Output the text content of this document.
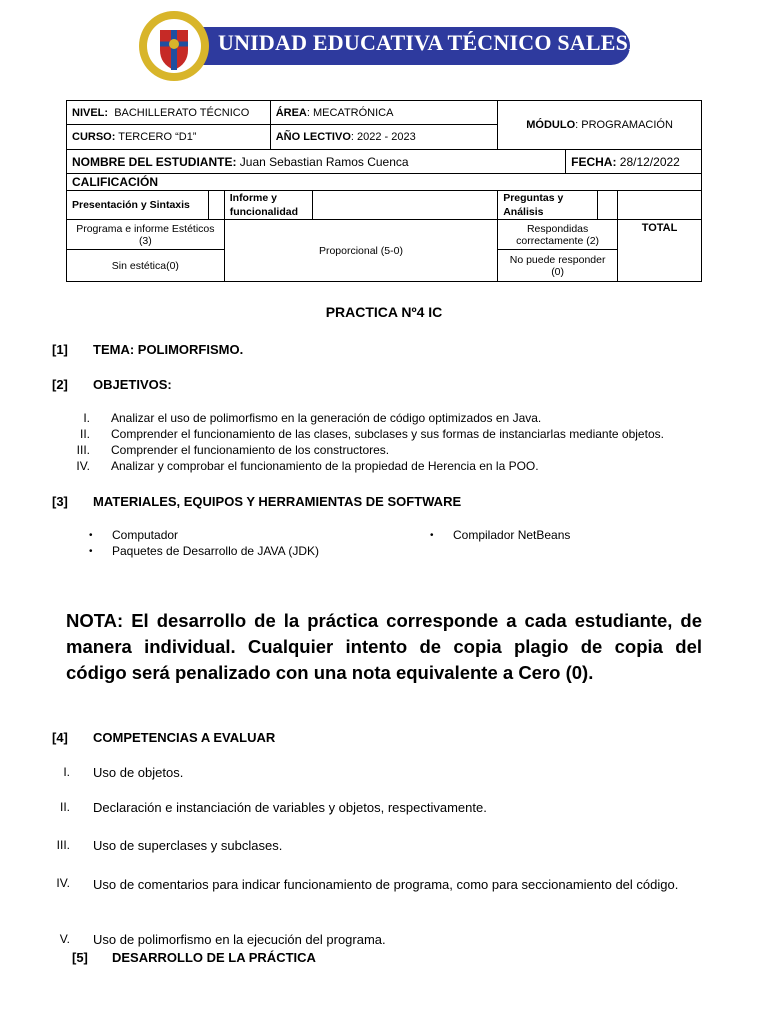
UNIDAD EDUCATIVA TÉCNICO SALESIANO
NIVEL: BACHILLERATO TÉCNICO			ÁREA: MECATRÓNICA		MÓDULO: PROGRAMACIÓN			
CURSO: TERCERO “D1”			AÑO LECTIVO: 2022 - 2023					
NOMBRE DEL ESTUDIANTE: Juan Sebastian Ramos Cuenca						FECHA: 28/12/2022		
CALIFICACIÓN								
Presentación y Sintaxis		Informe y funcionalidad			Preguntas y Análisis			
Programa e informe Estéticos (3)		Proporcional (5-0)			Respondidas correctamente (2)			TOTAL
Sin estética(0)					No puede responder (0)			
PRACTICA Nº4 IC
[1] TEMA: POLIMORFISMO.
[2] OBJETIVOS:
I. Analizar el uso de polimorfismo en la generación de código optimizados en Java.
II. Comprender el funcionamiento de las clases, subclases y sus formas de instanciarlas mediante objetos.
III. Comprender el funcionamiento de los constructores.
IV. Analizar y comprobar el funcionamiento de la propiedad de Herencia en la POO.
[3] MATERIALES, EQUIPOS Y HERRAMIENTAS DE SOFTWARE
• Computador
• Paquetes de Desarrollo de JAVA (JDK)
• Compilador NetBeans
NOTA: El desarrollo de la práctica corresponde a cada estudiante, de manera individual. Cualquier intento de copia plagio de copia del código será penalizado con una nota equivalente a Cero (0).
[4] COMPETENCIAS A EVALUAR
I. Uso de objetos.
II. Declaración e instanciación de variables y objetos, respectivamente.
III. Uso de superclases y subclases.
IV. Uso de comentarios para indicar funcionamiento de programa, como para seccionamiento del código.
V. Uso de polimorfismo en la ejecución del programa.
[5] DESARROLLO DE LA PRÁCTICA
